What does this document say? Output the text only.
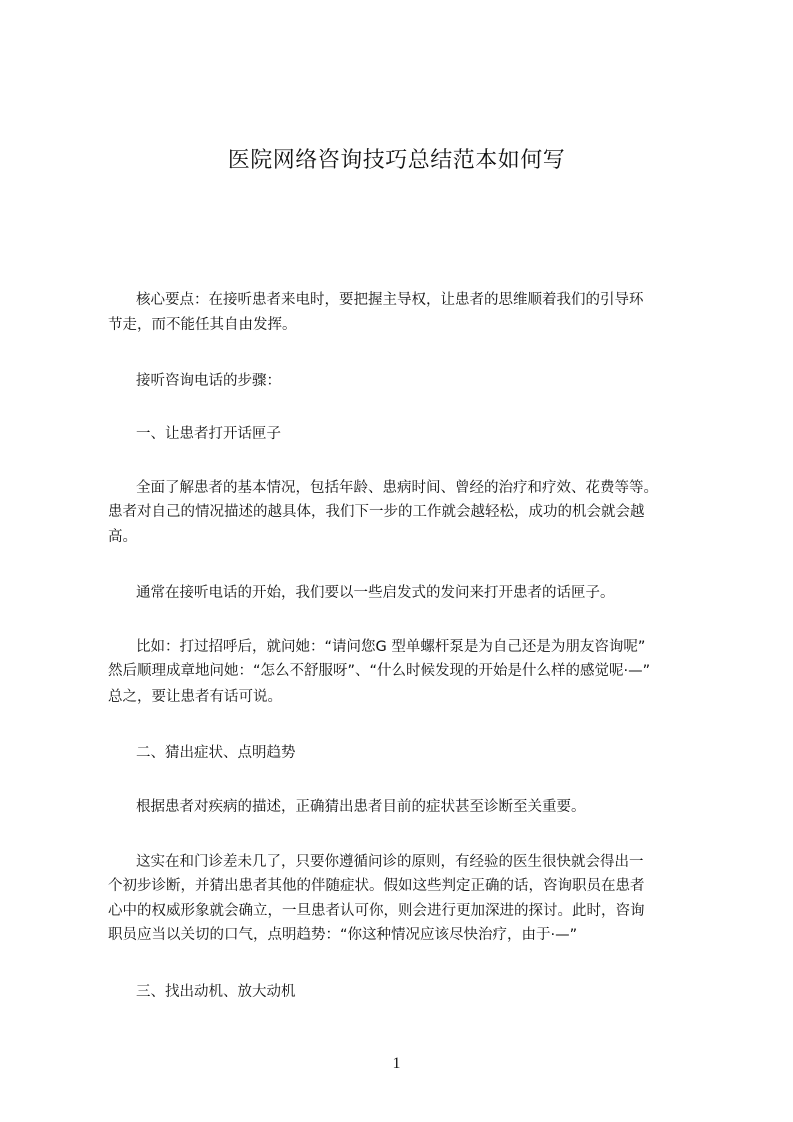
医院网络咨询技巧总结范本如何写
核心要点：在接听患者来电时，要把握主导权，让患者的思维顺着我们的引导环
节走，而不能任其自由发挥。
接听咨询电话的步骤：
一、让患者打开话匣子
全面了解患者的基本情况，包括年龄、患病时间、曾经的治疗和疗效、花费等等。
患者对自己的情况描述的越具体，我们下一步的工作就会越轻松，成功的机会就会越
高。
通常在接听电话的开始，我们要以一些启发式的发问来打开患者的话匣子。
比如：打过招呼后，就问她：“请问您G 型单螺杆泵是为自己还是为朋友咨询呢”
然后顺理成章地问她：“怎么不舒服呀”、“什么时候发现的开始是什么样的感觉呢·—”
总之，要让患者有话可说。
二、猜出症状、点明趋势
根据患者对疾病的描述，正确猜出患者目前的症状甚至诊断至关重要。
这实在和门诊差未几了，只要你遵循问诊的原则，有经验的医生很快就会得出一
个初步诊断，并猜出患者其他的伴随症状。假如这些判定正确的话，咨询职员在患者
心中的权威形象就会确立，一旦患者认可你，则会进行更加深进的探讨。此时，咨询
职员应当以关切的口气，点明趋势：“你这种情况应该尽快治疗，由于·—”
三、找出动机、放大动机
1
